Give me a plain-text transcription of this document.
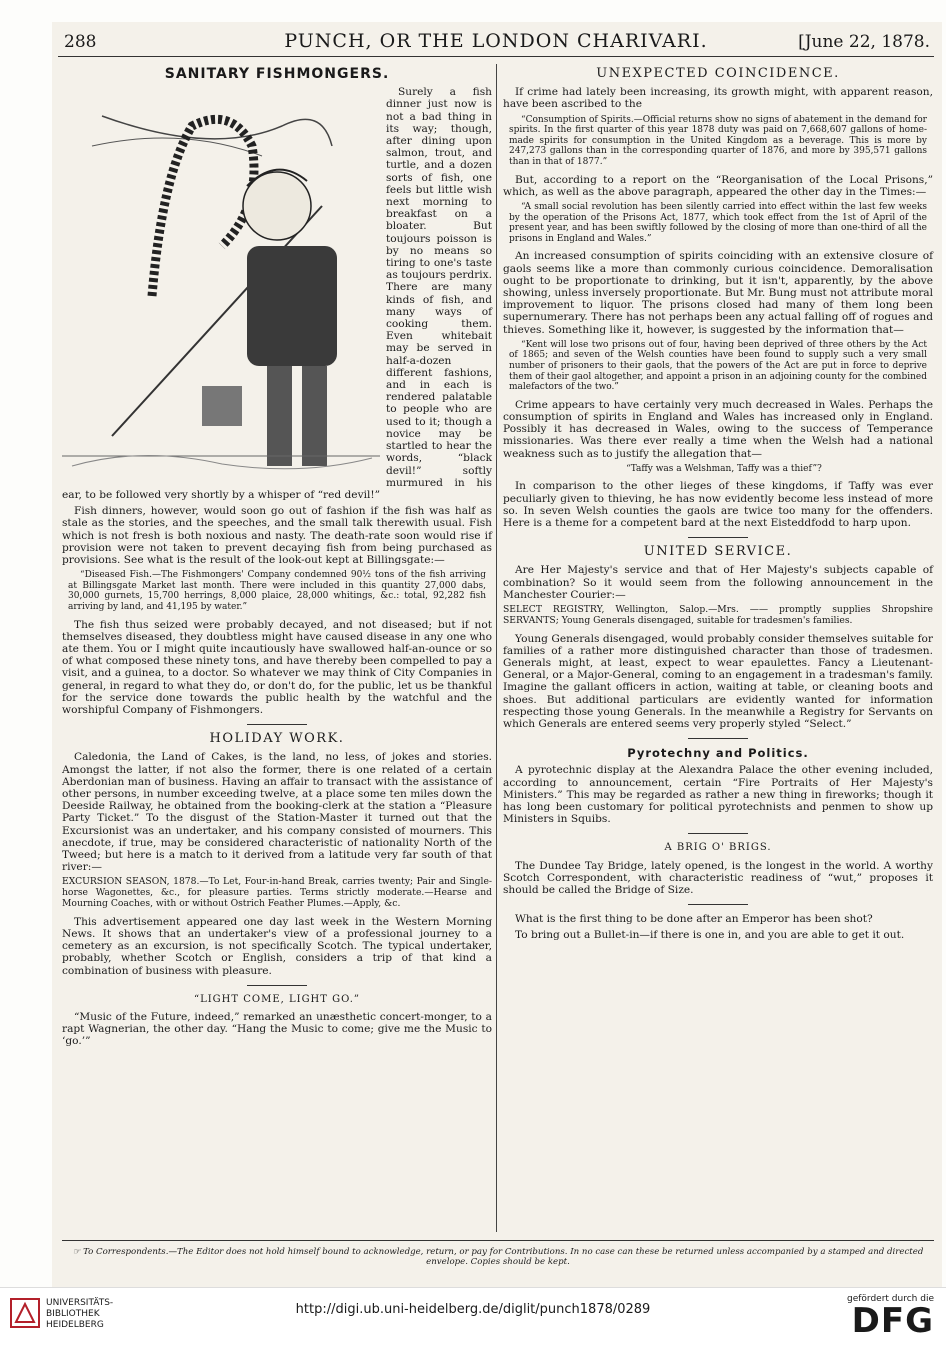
288	PUNCH, OR THE LONDON CHARIVARI.	[June 22, 1878.
SANITARY FISHMONGERS.

Surely a fish dinner just now is not a bad thing in its way; though, after dining upon salmon, trout, and turtle, and a dozen sorts of fish, one feels but little wish next morning to breakfast on a bloater. But toujours poisson is by no means so tiring to one's taste as toujours perdrix. There are many kinds of fish, and many ways of cooking them. Even whitebait may be served in half-a-dozen different fashions, and in each is rendered palatable to people who are used to it; though a novice may be startled to hear the words, “black devil!” softly murmured in his ear, to be followed very shortly by a whisper of “red devil!”

Fish dinners, however, would soon go out of fashion if the fish was half as stale as the stories, and the speeches, and the small talk therewith usual. Fish which is not fresh is both noxious and nasty. The death-rate soon would rise if provision were not taken to prevent decaying fish from being purchased as provisions. See what is the result of the look-out kept at Billingsgate:—

“Diseased Fish.—The Fishmongers' Company condemned 90½ tons of the fish arriving at Billingsgate Market last month. There were included in this quantity 27,000 dabs, 30,000 gurnets, 15,700 herrings, 8,000 plaice, 28,000 whitings, &c.: total, 92,282 fish arriving by land, and 41,195 by water.”

The fish thus seized were probably decayed, and not diseased; but if not themselves diseased, they doubtless might have caused disease in any one who ate them. You or I might quite incautiously have swallowed half-an-ounce or so of what composed these ninety tons, and have thereby been compelled to pay a visit, and a guinea, to a doctor. So whatever we may think of City Companies in general, in regard to what they do, or don't do, for the public, let us be thankful for the service done towards the public health by the watchful and the worshipful Company of Fishmongers.

HOLIDAY WORK.

Caledonia, the Land of Cakes, is the land, no less, of jokes and stories. Amongst the latter, if not also the former, there is one related of a certain Aberdonian man of business. Having an affair to transact with the assistance of other persons, in number exceeding twelve, at a place some ten miles down the Deeside Railway, he obtained from the booking-clerk at the station a “Pleasure Party Ticket.” To the disgust of the Station-Master it turned out that the Excursionist was an undertaker, and his company consisted of mourners. This anecdote, if true, may be considered characteristic of nationality North of the Tweed; but here is a match to it derived from a latitude very far south of that river:—

EXCURSION SEASON, 1878.—To Let, Four-in-hand Break, carries twenty; Pair and Single-horse Wagonettes, &c., for pleasure parties. Terms strictly moderate.—Hearse and Mourning Coaches, with or without Ostrich Feather Plumes.—Apply, &c.

This advertisement appeared one day last week in the Western Morning News. It shows that an undertaker's view of a professional journey to a cemetery as an excursion, is not specifically Scotch. The typical undertaker, probably, whether Scotch or English, considers a trip of that kind a combination of business with pleasure.

“LIGHT COME, LIGHT GO.”

“Music of the Future, indeed,” remarked an unæsthetic concert-monger, to a rapt Wagnerian, the other day. “Hang the Music to come; give me the Music to ‘go.’”

UNEXPECTED COINCIDENCE.

If crime had lately been increasing, its growth might, with apparent reason, have been ascribed to the

“Consumption of Spirits.—Official returns show no signs of abatement in the demand for spirits. In the first quarter of this year 1878 duty was paid on 7,668,607 gallons of home-made spirits for consumption in the United Kingdom as a beverage. This is more by 247,273 gallons than in the corresponding quarter of 1876, and more by 395,571 gallons than in that of 1877.”

But, according to a report on the “Reorganisation of the Local Prisons,” which, as well as the above paragraph, appeared the other day in the Times:—

“A small social revolution has been silently carried into effect within the last few weeks by the operation of the Prisons Act, 1877, which took effect from the 1st of April of the present year, and has been swiftly followed by the closing of more than one-third of all the prisons in England and Wales.”

An increased consumption of spirits coinciding with an extensive closure of gaols seems like a more than commonly curious coincidence. Demoralisation ought to be proportionate to drinking, but it isn't, apparently, by the above showing, unless inversely proportionate. But Mr. Bung must not attribute moral improvement to liquor. The prisons closed had many of them long been supernumerary. There has not perhaps been any actual falling off of rogues and thieves. Something like it, however, is suggested by the information that—

“Kent will lose two prisons out of four, having been deprived of three others by the Act of 1865; and seven of the Welsh counties have been found to supply such a very small number of prisoners to their gaols, that the powers of the Act are put in force to deprive them of their gaol altogether, and appoint a prison in an adjoining county for the combined malefactors of the two.”

Crime appears to have certainly very much decreased in Wales. Perhaps the consumption of spirits in England and Wales has increased only in England. Possibly it has decreased in Wales, owing to the success of Temperance missionaries. Was there ever really a time when the Welsh had a national weakness such as to justify the allegation that—

“Taffy was a Welshman, Taffy was a thief”?

In comparison to the other lieges of these kingdoms, if Taffy was ever peculiarly given to thieving, he has now evidently become less instead of more so. In seven Welsh counties the gaols are twice too many for the offenders. Here is a theme for a competent bard at the next Eisteddfodd to harp upon.

UNITED SERVICE.

Are Her Majesty's service and that of Her Majesty's subjects capable of combination? So it would seem from the following announcement in the Manchester Courier:—

SELECT REGISTRY, Wellington, Salop.—Mrs. —— promptly supplies Shropshire SERVANTS; Young Generals disengaged, suitable for tradesmen's families.

Young Generals disengaged, would probably consider themselves suitable for families of a rather more distinguished character than those of tradesmen. Generals might, at least, expect to wear epaulettes. Fancy a Lieutenant-General, or a Major-General, coming to an engagement in a tradesman's family. Imagine the gallant officers in action, waiting at table, or cleaning boots and shoes. But additional particulars are evidently wanted for information respecting those young Generals. In the meanwhile a Registry for Servants on which Generals are entered seems very properly styled “Select.”

Pyrotechny and Politics.

A pyrotechnic display at the Alexandra Palace the other evening included, according to announcement, certain “Fire Portraits of Her Majesty's Ministers.” This may be regarded as rather a new thing in fireworks; though it has long been customary for political pyrotechnists and penmen to show up Ministers in Squibs.

A BRIG O' BRIGS.

The Dundee Tay Bridge, lately opened, is the longest in the world. A worthy Scotch Correspondent, with characteristic readiness of “wut,” proposes it should be called the Bridge of Size.

What is the first thing to be done after an Emperor has been shot?

To bring out a Bullet-in—if there is one in, and you are able to get it out.

☞ To Correspondents.—The Editor does not hold himself bound to acknowledge, return, or pay for Contributions. In no case can these be returned unless accompanied by a stamped and directed envelope. Copies should be kept.
UNIVERSITÄTS-
BIBLIOTHEK
HEIDELBERG
http://digi.ub.uni-heidelberg.de/diglit/punch1878/0289
gefördert durch die
DFG
